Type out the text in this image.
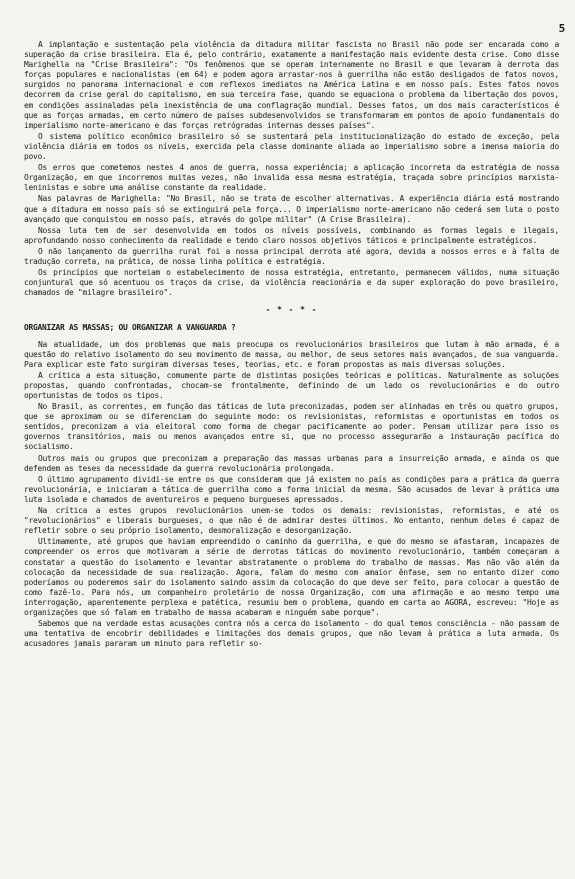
5

A implantação e sustentação pela violência da ditadura militar fascista no Brasil não pode ser encarada como a superação da crise brasileira. Ela é, pelo contrário, exatamente a manifestação mais evidente desta crise. Como disse Marighella na "Crise Brasileira": "Os fenômenos que se operam internamente no Brasil e que levaram à derrota das forças populares e nacionalistas (em 64) e podem agora arrastar-nos à guerrilha não estão desligados de fatos novos, surgidos no panorama internacional e com reflexos imediatos na América Latina e em nosso país. Estes fatos novos decorrem da crise geral do capitalismo, em sua terceira fase, quando se equaciona o problema da libertação dos povos, em condições assinaladas pela inexistência de uma conflagração mundial. Desses fatos, um dos mais característicos é que as forças armadas, em certo número de países subdesenvolvidos se transformaram em pontos de apoio fundamentais do imperialismo norte-americano e das forças retrógradas internas desses países".

O sistema político econômico brasileiro só se sustentará pela institucionalização do estado de exceção, pela violência diária em todos os níveis, exercida pela classe dominante aliada ao imperialismo sobre a imensa maioria do povo.

Os erros que cometemos nestes 4 anos de guerra, nossa experiência; a aplicação incorreta da estratégia de nossa Organização, em que incorremos muitas vezes, não invalida essa mesma estratégia, traçada sobre princípios marxista-leninistas e sobre uma análise constante da realidade.

Nas palavras de Marighella: "No Brasil, não se trata de escolher alternativas. A experiência diária está mostrando que a ditadura em nosso país só se extinguirá pela força... O imperialismo norte-americano não cederá sem luta o posto avançado que conquistou em nosso país, através do golpe militar" (A Crise Brasileira).

Nossa luta tem de ser desenvolvida em todos os níveis possíveis, combinando as formas legais e ilegais, aprofundando nosso conhecimento da realidade e tendo claro nossos objetivos táticos e principalmente estratégicos.

O não lançamento da guerrilha rural foi a nossa principal derrota até agora, devida a nossos erros e à falta de tradução correta, na prática, de nossa linha política e estratégia.

Os princípios que norteiam o estabelecimento de nossa estratégia, entretanto, permanecem válidos, numa situação conjuntural que só acentuou os traços da crise, da violência reacionária e da super exploração do povo brasileiro, chamados de "milagre brasileiro".

- * - * -
ORGANIZAR AS MASSAS; OU ORGANIZAR A VANGUARDA ?

Na atualidade, um dos problemas que mais preocupa os revolucionários brasileiros que lutam à mão armada, é a questão do relativo isolamento do seu movimento de massa, ou melhor, de seus setores mais avançados, de sua vanguarda. Para explicar este fato surgiram diversas teses, teorias, etc. e foram propostas as mais diversas soluções.

A crítica a esta situação, comumente parte de distintas posições teóricas e políticas. Naturalmente as soluções propostas, quando confrontadas, chocam-se frontalmente, definindo de um lado os revolucionários e do outro oportunistas de todos os tipos.

No Brasil, as correntes, em função das táticas de luta preconizadas, podem ser alinhadas em três ou quatro grupos, que se aproximam ou se diferenciam do seguinte modo: os revisionistas, reformistas e oportunistas em todos os sentidos, preconizam a via eleitoral como forma de chegar pacificamente ao poder. Pensam utilizar para isso os governos transitórios, mais ou menos avançados entre si, que no processo assegurarão a instauração pacífica do socialismo.

Outros mais ou grupos que preconizam a preparação das massas urbanas para a insurreição armada, e ainda os que defendem as teses da necessidade da guerra revolucionária prolongada.

O último agrupamento dividi-se entre os que consideram que já existem no país as condições para a prática da guerra revolucionária, e iniciaram a tática de guerrilha como a forma inicial da mesma. São acusados de levar à prática uma luta isolada e chamados de aventureiros e pequeno burgueses apressados.

Na crítica a estes grupos revolucionários unem-se todos os demais: revisionistas, reformistas, e até os "revolucionários" e liberais burgueses, o que não é de admirar destes últimos. No entanto, nenhum deles é capaz de refletir sobre o seu próprio isolamento, desmoralização e desorganização.

Ultimamente, até grupos que haviam empreendido o caminho da guerrilha, e que do mesmo se afastaram, incapazes de compreender os erros que motivaram a série de derrotas táticas do movimento revolucionário, também começaram a constatar a questão do isolamento e levantar abstratamente o problema do trabalho de massas. Mas não vão além da colocação da necessidade de sua realização. Agora, falam do mesmo com amaior ênfase, sem no entanto dizer como poderíamos ou poderemos sair do isolamento saindo assim da colocação do que deve ser feito, para colocar a questão de como fazê-lo. Para nós, um companheiro proletário de nossa Organização, com uma afirmação e ao mesmo tempo uma interrogação, aparentemente perplexa e patética, resumiu bem o problema, quando em carta ao AGORA, escreveu: "Hoje as organizações que só falam em trabalho de massa acabaram e ninguém sabe porque".

Sabemos que na verdade estas acusações contra nós a cerca do isolamento - do qual temos consciência - não passam de uma tentativa de encobrir debilidades e limitações dos demais grupos, que não levam à prática a luta armada. Os acusadores jamais pararam um minuto para refletir so-
